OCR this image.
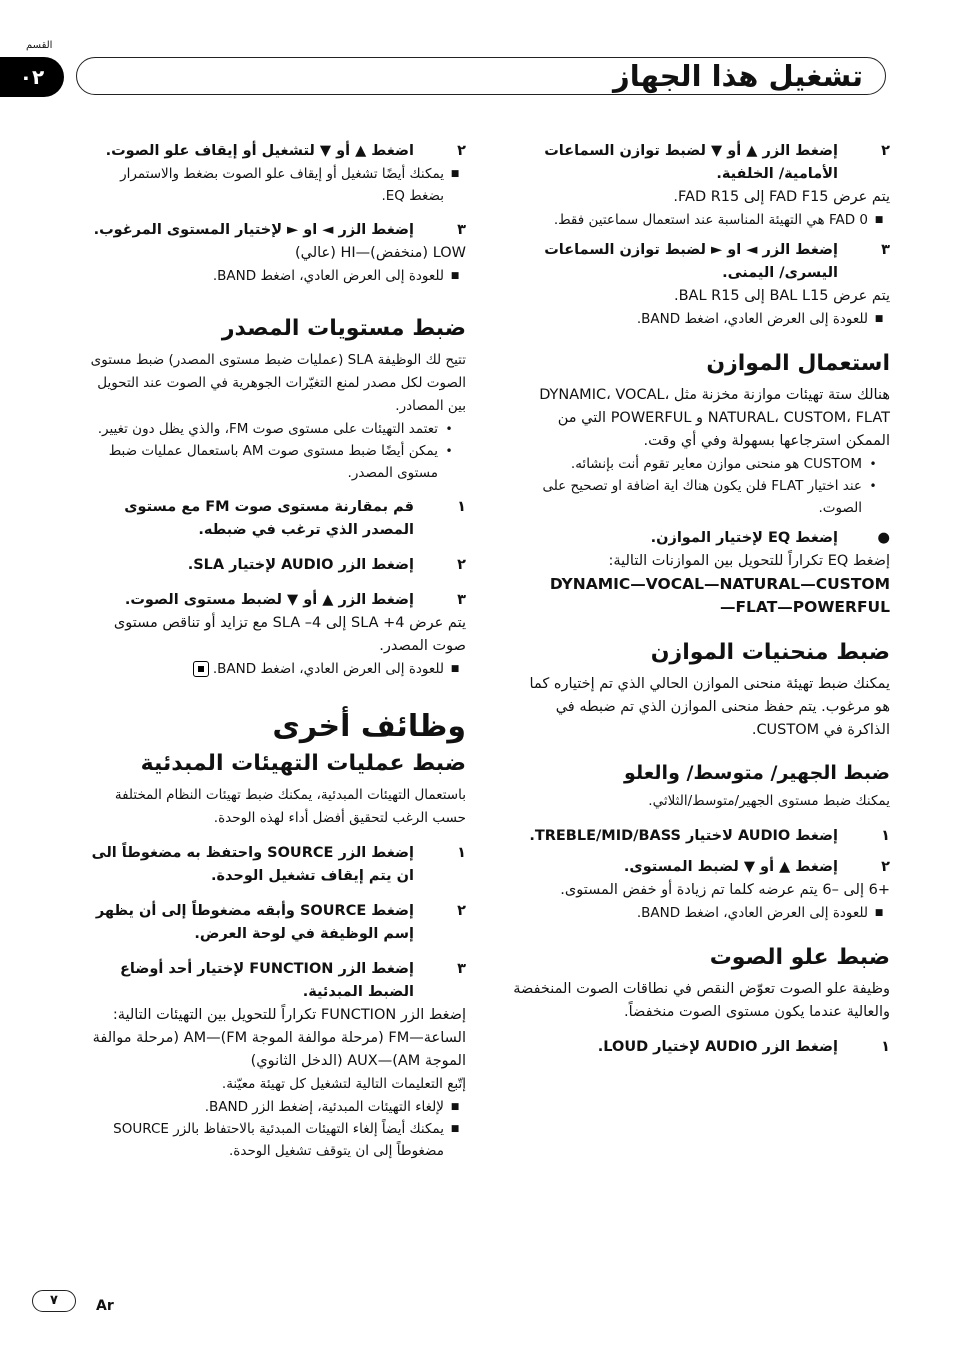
القسم
٠٢	تشغيل هذا الجهاز
٢
إضغط الزر ▲ أو ▼ لضبط توازن السماعات الأمامية/ الخلفية.

يتم عرض FAD F15 إلى FAD R15.

■
FAD 0 هي التهيئة المناسبة عند استعمال سماعتين فقط.
٣
إضغط الزر ◄ او ► لضبط توازن السماعات اليسرى/ اليمنى.

يتم عرض BAL L15 إلى BAL R15.

■
للعودة إلى العرض العادي، اضغط BAND.
استعمال الموازن

هنالك ستة تهيئات موازنة مخزنة مثل DYNAMIC، VOCAL، NATURAL، CUSTOM، FLAT و POWERFUL التي من الممكن استرجاعها بسهولة وفي أي وقت.

•
CUSTOM هو منحنى موازن معاير تقوم أنت بإنشائه.
•
عند اختيار FLAT فلن يكون هناك اية اضافة او تصحيح على الصوت.
●
إضغط EQ لإختيار الموازن.

إضغط EQ تكراراً للتحويل بين الموازنات التالية:

DYNAMIC—VOCAL—NATURAL—CUSTOM
—FLAT—POWERFUL
ضبط منحنيات الموازن

يمكنك ضبط تهيئة منحنى الموازن الحالي الذي تم إختياره كما هو مرغوب. يتم حفظ منحنى الموازن الذي تم ضبطه في الذاكرة في CUSTOM.

ضبط الجهير/ متوسط/ والعلو

يمكنك ضبط مستوى الجهير/متوسط/الثلاثي.

١
إضغط AUDIO لاختيار TREBLE/MID/BASS.
٢
إضغط ▲ أو ▼ لضبط المستوى.

+6 إلى –6 يتم عرضه كلما تم زيادة أو خفض المستوى.

■
للعودة إلى العرض العادي، اضغط BAND.
ضبط علو الصوت

وظيفة علو الصوت تعوّض النقص في نطاقات الصوت المنخفضة والعالية عندما يكون مستوى الصوت منخفضاً.

١
إضغط الزر AUDIO لإختيار LOUD.
٢
اضغط ▲ أو ▼ لتشغيل أو إيقاف علو الصوت.
■
يمكنك أيضًا تشغيل أو إيقاف علو الصوت بضغط والاستمرار بضغط EQ.
٣
إضغط الزر ◄ او ► لإختيار المستوى المرغوب.

LOW (منخفض)—HI (عالي)

■
للعودة إلى العرض العادي، اضغط BAND.
ضبط مستويات المصدر

تتيح لك الوظيفة SLA (عمليات ضبط مستوى المصدر) ضبط مستوى الصوت لكل مصدر لمنع التغيّرات الجوهرية في الصوت عند التحويل بين المصادر.

•
تعتمد التهيئات على مستوى صوت FM، والذي يظل دون تغيير.
•
يمكن أيضًا ضبط مستوى صوت AM باستعمال عمليات ضبط مستوى المصدر.
١
قم بمقارنة مستوى صوت FM مع مستوى المصدر الذي ترغب في ضبطه.
٢
إضغط الزر AUDIO لإختيار SLA.
٣
إضغط الزر ▲ أو ▼ لضبط مستوى الصوت.

يتم عرض SLA +4 إلى SLA –4 مع تزايد أو تناقص مستوى صوت المصدر.

■
للعودة إلى العرض العادي، اضغط BAND.
وظائف أخرى
ضبط عمليات التهيئات المبدئية

باستعمال التهيئات المبدئية، يمكنك ضبط تهيئات النظام المختلفة حسب الرغب لتحقيق أفضل أداء لهذه الوحدة.

١
إضغط الزر SOURCE واحتفظ به مضغوطاً الى ان يتم إيقاف تشغيل الوحدة.
٢
إضغط SOURCE وأبقه مضغوطاً إلى أن يظهر إسم الوظيفة في لوحة العرض.
٣
إضغط الزر FUNCTION لإختيار أحد أوضاع الضبط المبدئية.

إضغط الزر FUNCTION تكراراً للتحويل بين التهيئات التالية: الساعة—FM (مرحلة موالفة الموجة FM)—AM (مرحلة موالفة الموجة AM)—AUX (الدخل الثانوي)

إتّبع التعليمات التالية لتشغيل كل تهيئة معيّنة.

■
لإلغاء التهيئات المبدئية، إضغط الزر BAND.
■
يمكنك أيضاً إلغاء التهيئات المبدئية بالاحتفاظ بالزر SOURCE مضغوطاً إلى ان يتوقف تشغيل الوحدة.
٧	Ar
